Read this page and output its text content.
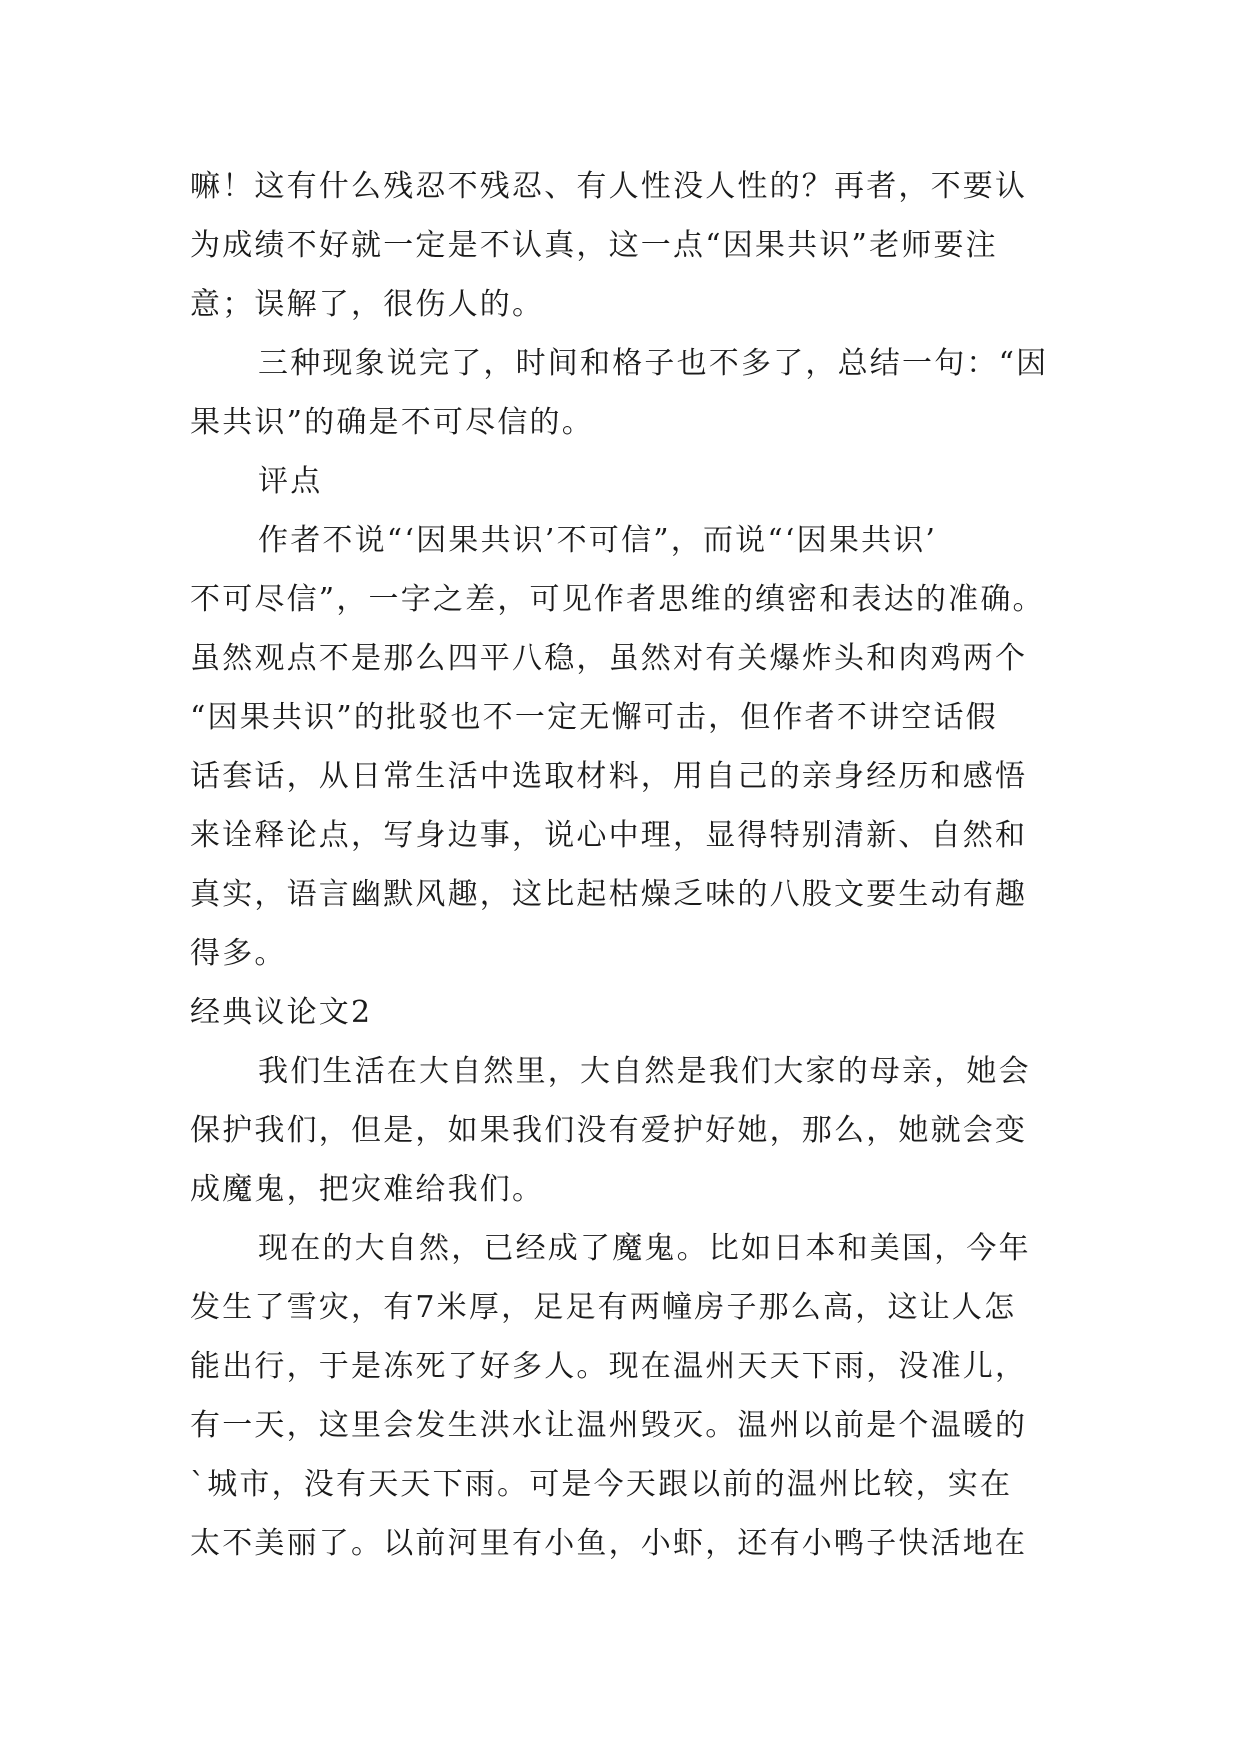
嘛！这有什么残忍不残忍、有人性没人性的？再者，不要认
为成绩不好就一定是不认真，这一点“因果共识”老师要注
意；误解了，很伤人的。
三种现象说完了，时间和格子也不多了，总结一句：“因
果共识”的确是不可尽信的。
评点
作者不说“‘因果共识’不可信”，而说“‘因果共识’
不可尽信”，一字之差，可见作者思维的缜密和表达的准确。
虽然观点不是那么四平八稳，虽然对有关爆炸头和肉鸡两个
“因果共识”的批驳也不一定无懈可击，但作者不讲空话假
话套话，从日常生活中选取材料，用自己的亲身经历和感悟
来诠释论点，写身边事，说心中理，显得特别清新、自然和
真实，语言幽默风趣，这比起枯燥乏味的八股文要生动有趣
得多。
经典议论文2
我们生活在大自然里，大自然是我们大家的母亲，她会
保护我们，但是，如果我们没有爱护好她，那么，她就会变
成魔鬼，把灾难给我们。
现在的大自然，已经成了魔鬼。比如日本和美国，今年
发生了雪灾，有7米厚，足足有两幢房子那么高，这让人怎
能出行，于是冻死了好多人。现在温州天天下雨，没准儿，
有一天，这里会发生洪水让温州毁灭。温州以前是个温暖的
`城市，没有天天下雨。可是今天跟以前的温州比较，实在
太不美丽了。以前河里有小鱼，小虾，还有小鸭子快活地在
